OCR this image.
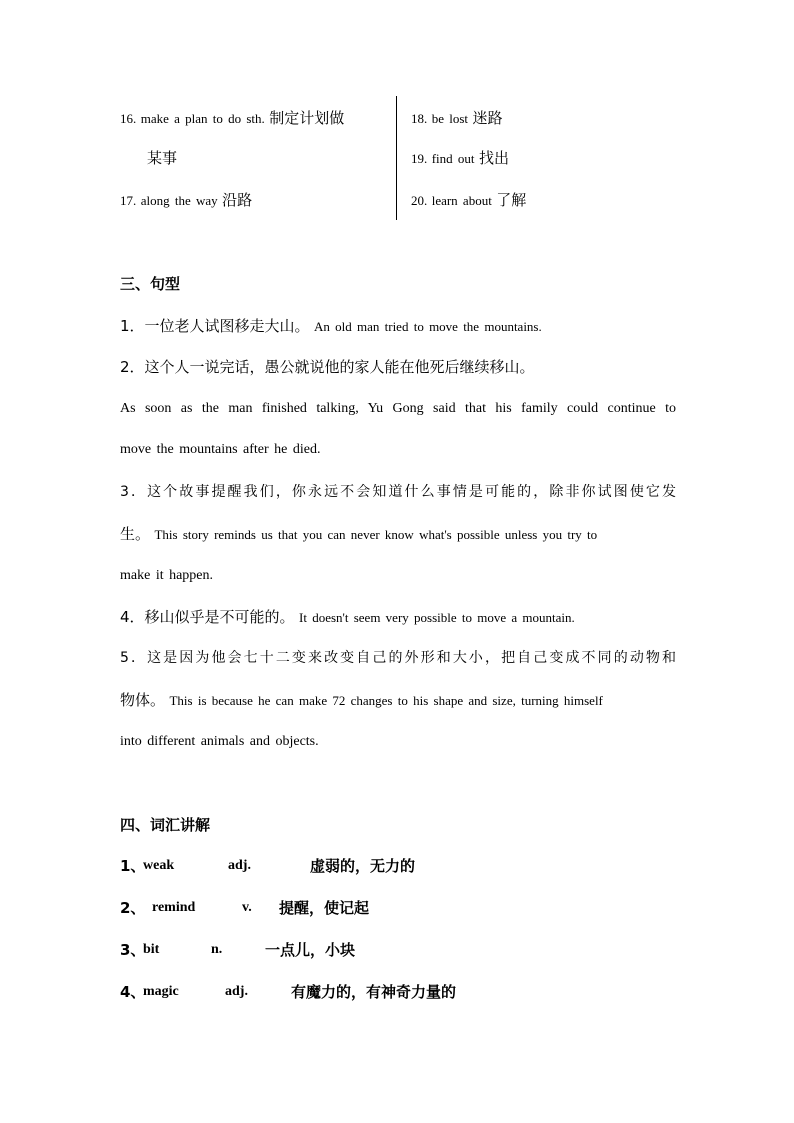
16. make a plan to do sth. 制定计划做
某事
17. along the way 沿路
18. be lost 迷路
19. find out 找出
20. learn about 了解
三、句型
1．一位老人试图移走大山。 An old man tried to move the mountains.
2．这个人一说完话，愚公就说他的家人能在他死后继续移山。
As soon as the man finished talking, Yu Gong said that his family could continue to
move the mountains after he died.
3．这个故事提醒我们，你永远不会知道什么事情是可能的，除非你试图使它发
生。 This story reminds us that you can never know what's possible unless you try to
make it happen.
4．移山似乎是不可能的。 It doesn't seem very possible to move a mountain.
5．这是因为他会七十二变来改变自己的外形和大小，把自己变成不同的动物和
物体。 This is because he can make 72 changes to his shape and size, turning himself
into different animals and objects.
四、词汇讲解
1、
weak	adj.	虚弱的，无力的
2、 remind	v. 提醒，使记起
3、
bit	n.	一点儿，小块
4、
magic	adj.	有魔力的，有神奇力量的
